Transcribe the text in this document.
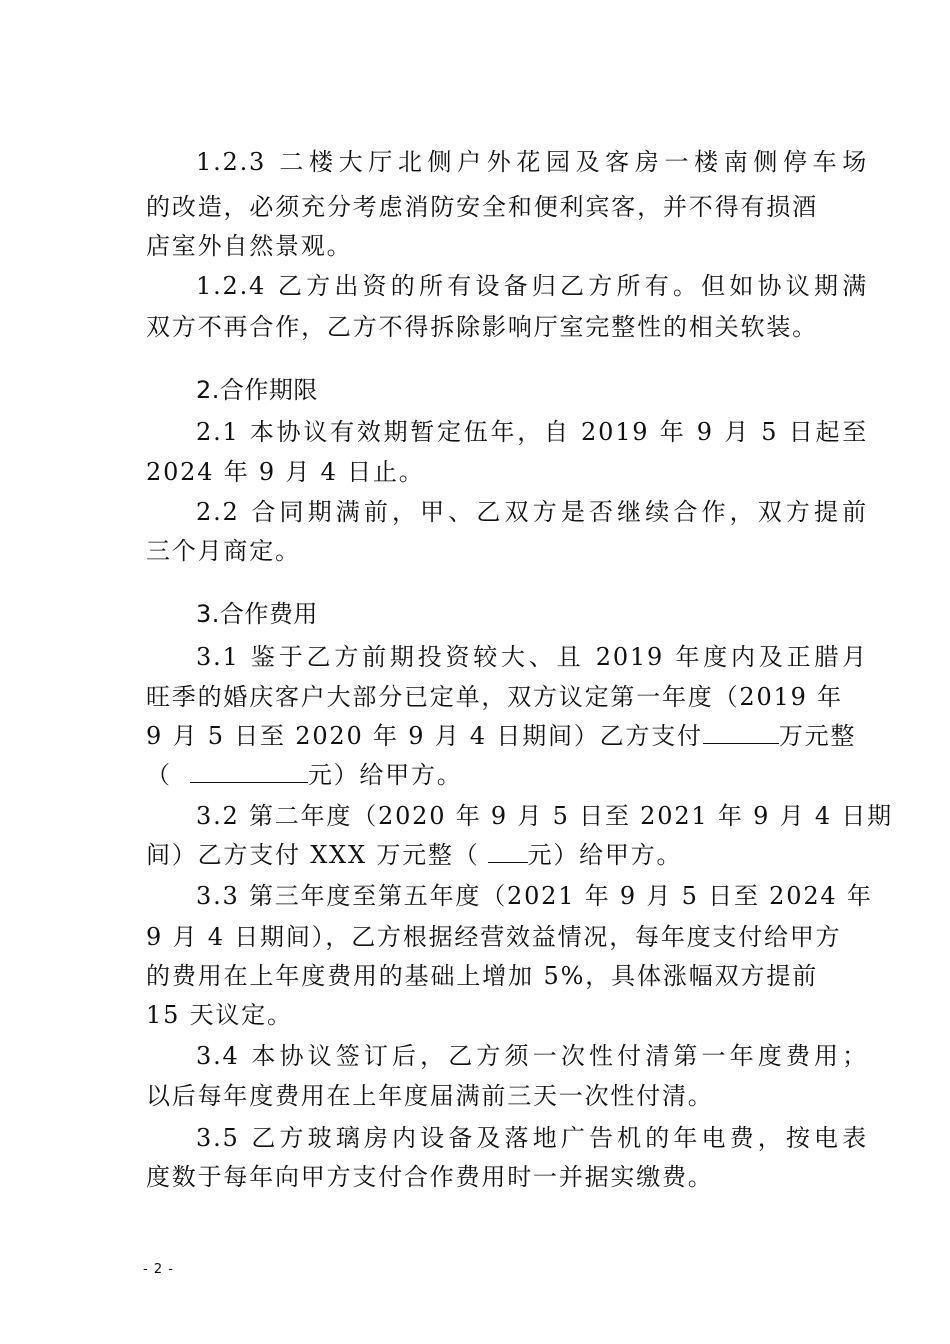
1.2.3 二楼大厅北侧户外花园及客房一楼南侧停车场
的改造，必须充分考虑消防安全和便利宾客，并不得有损酒
店室外自然景观。
1.2.4 乙方出资的所有设备归乙方所有。但如协议期满
双方不再合作，乙方不得拆除影响厅室完整性的相关软装。
2.合作期限
2.1 本协议有效期暂定伍年，自 2019 年 9 月 5 日起至
2024 年 9 月 4 日止。
2.2 合同期满前，甲、乙双方是否继续合作，双方提前
三个月商定。
3.合作费用
3.1 鉴于乙方前期投资较大、且 2019 年度内及正腊月
旺季的婚庆客户大部分已定单，双方议定第一年度（2019 年
9 月 5 日至 2020 年 9 月 4 日期间）乙方支付	万元整
（	元）给甲方。
3.2 第二年度（2020 年 9 月 5 日至 2021 年 9 月 4 日期
间）乙方支付 XXX 万元整（ 元）给甲方。
3.3 第三年度至第五年度（2021 年 9 月 5 日至 2024 年
9 月 4 日期间），乙方根据经营效益情况，每年度支付给甲方
的费用在上年度费用的基础上增加 5%，具体涨幅双方提前
15 天议定。
3.4 本协议签订后，乙方须一次性付清第一年度费用；
以后每年度费用在上年度届满前三天一次性付清。
3.5 乙方玻璃房内设备及落地广告机的年电费，按电表
度数于每年向甲方支付合作费用时一并据实缴费。
- 2 -
